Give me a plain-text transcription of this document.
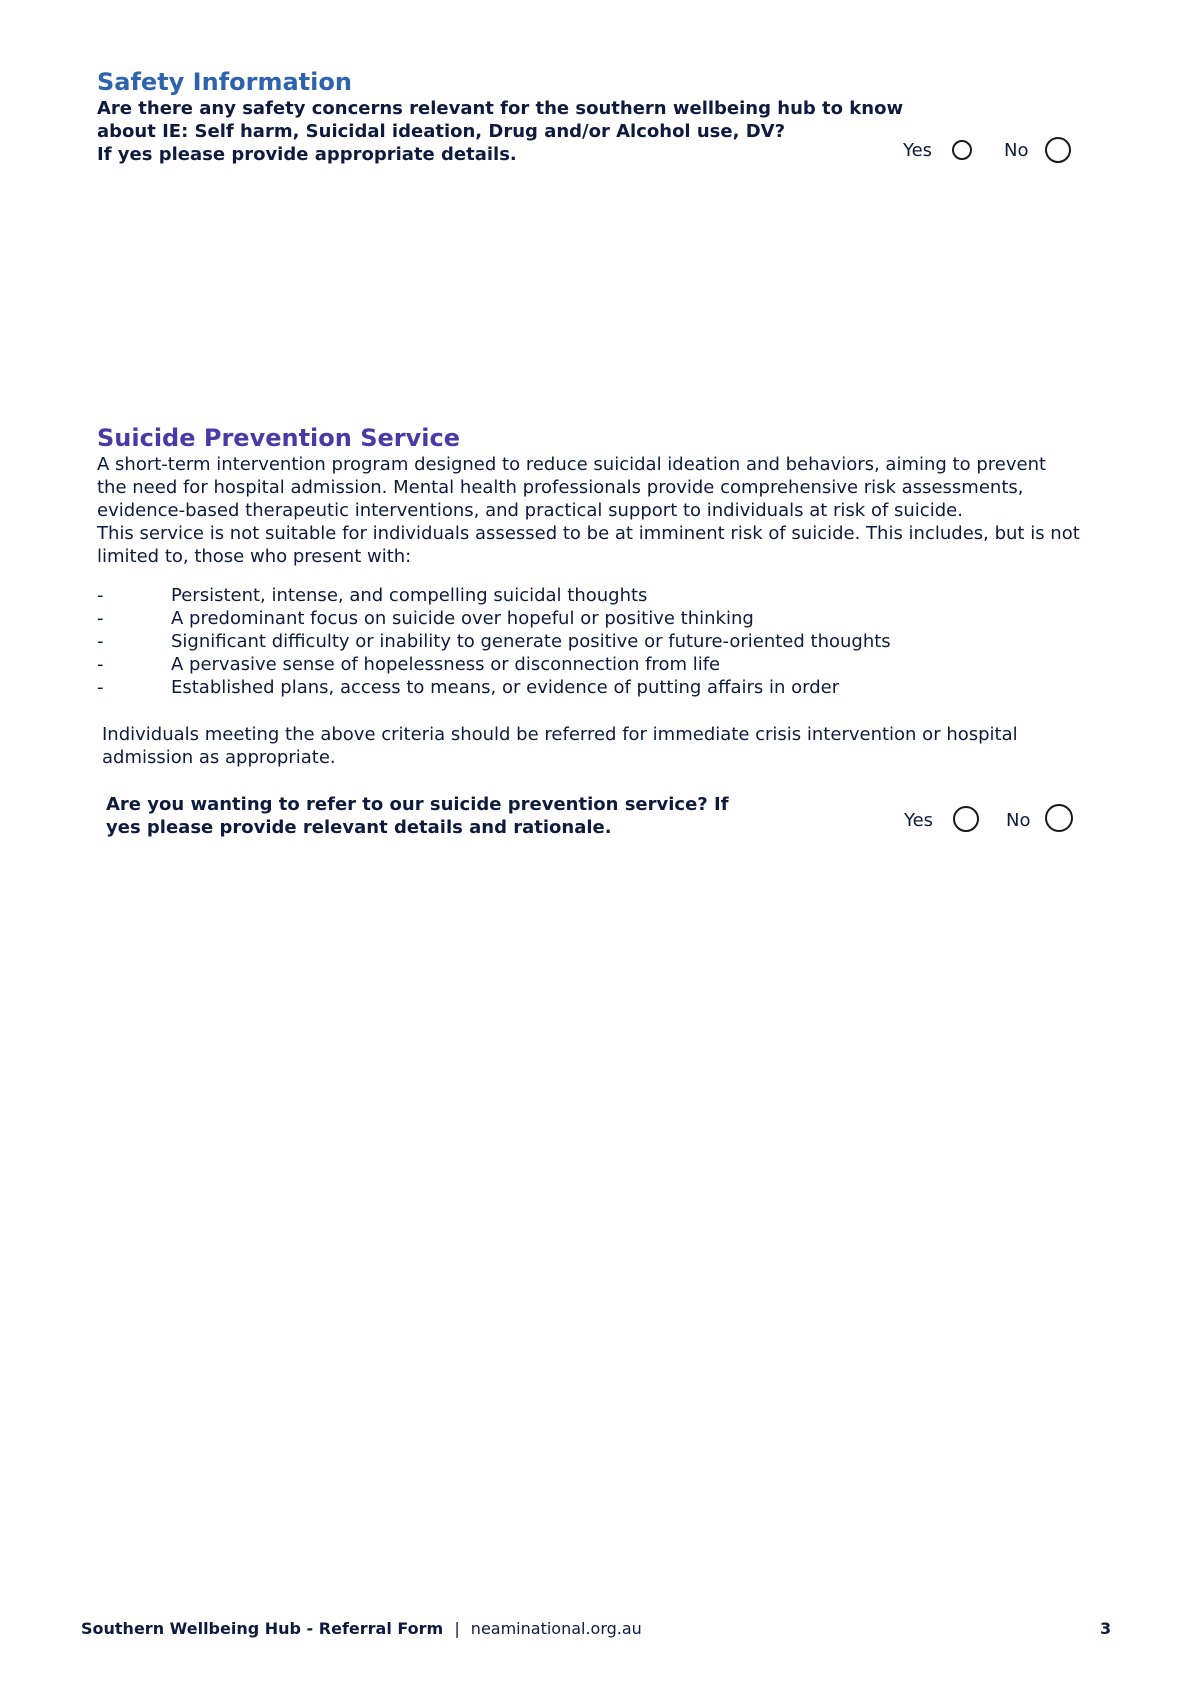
Safety Information
Are there any safety concerns relevant for the southern wellbeing hub to know
about IE: Self harm, Suicidal ideation, Drug and/or Alcohol use, DV?
If yes please provide appropriate details.	Yes	No
Suicide Prevention Service
A short-term intervention program designed to reduce suicidal ideation and behaviors, aiming to prevent
the need for hospital admission. Mental health professionals provide comprehensive risk assessments,
evidence-based therapeutic interventions, and practical support to individuals at risk of suicide.
This service is not suitable for individuals assessed to be at imminent risk of suicide. This includes, but is not
limited to, those who present with:
-	Persistent, intense, and compelling suicidal thoughts
-	A predominant focus on suicide over hopeful or positive thinking
-	Significant difficulty or inability to generate positive or future-oriented thoughts
-	A pervasive sense of hopelessness or disconnection from life
-	Established plans, access to means, or evidence of putting affairs in order
Individuals meeting the above criteria should be referred for immediate crisis intervention or hospital
admission as appropriate.
Are you wanting to refer to our suicide prevention service? If
yes please provide relevant details and rationale.	Yes	No
Southern Wellbeing Hub - Referral Form | neaminational.org.au	3
